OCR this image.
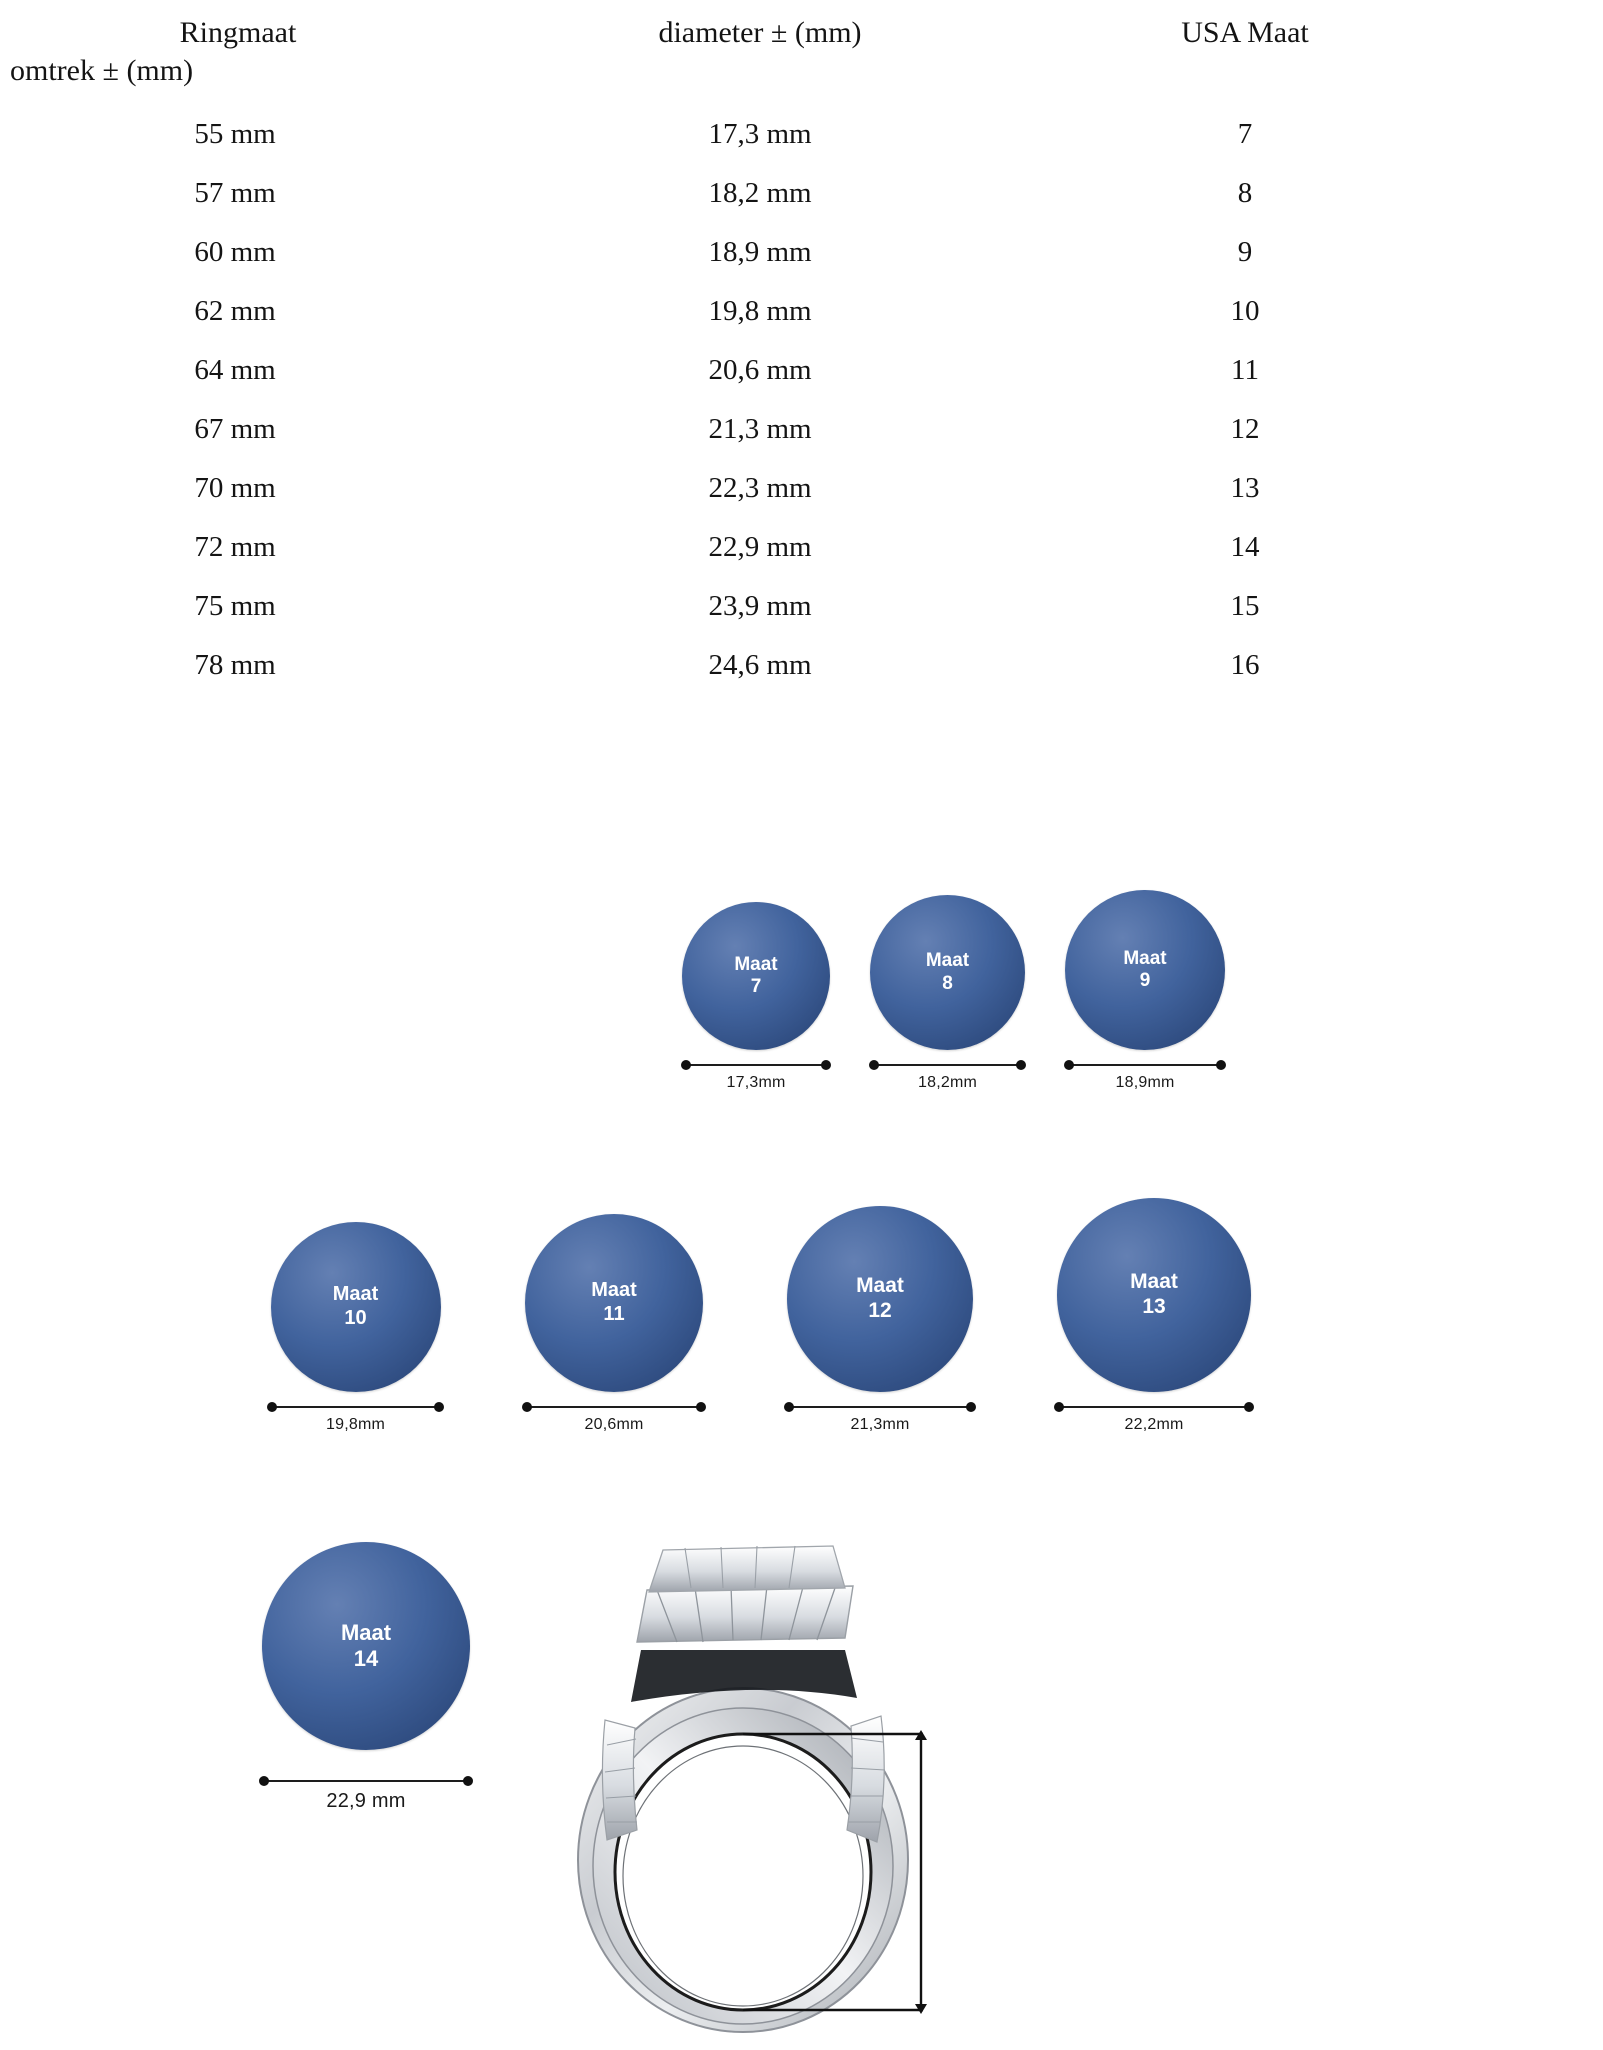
Ringmaat
omtrek ± (mm)	diameter ± (mm)	USA Maat
55 mm	17,3 mm	7
57 mm	18,2 mm	8
60 mm	18,9 mm	9
62 mm	19,8 mm	10
64 mm	20,6 mm	11
67 mm	21,3 mm	12
70 mm	22,3 mm	13
72 mm	22,9 mm	14
75 mm	23,9 mm	15
78 mm	24,6 mm	16
Maat
7
17,3mm
Maat
8
18,2mm
Maat
9
18,9mm
Maat
10
19,8mm
Maat
11
20,6mm
Maat
12
21,3mm
Maat
13
22,2mm
Maat
14
22,9 mm
